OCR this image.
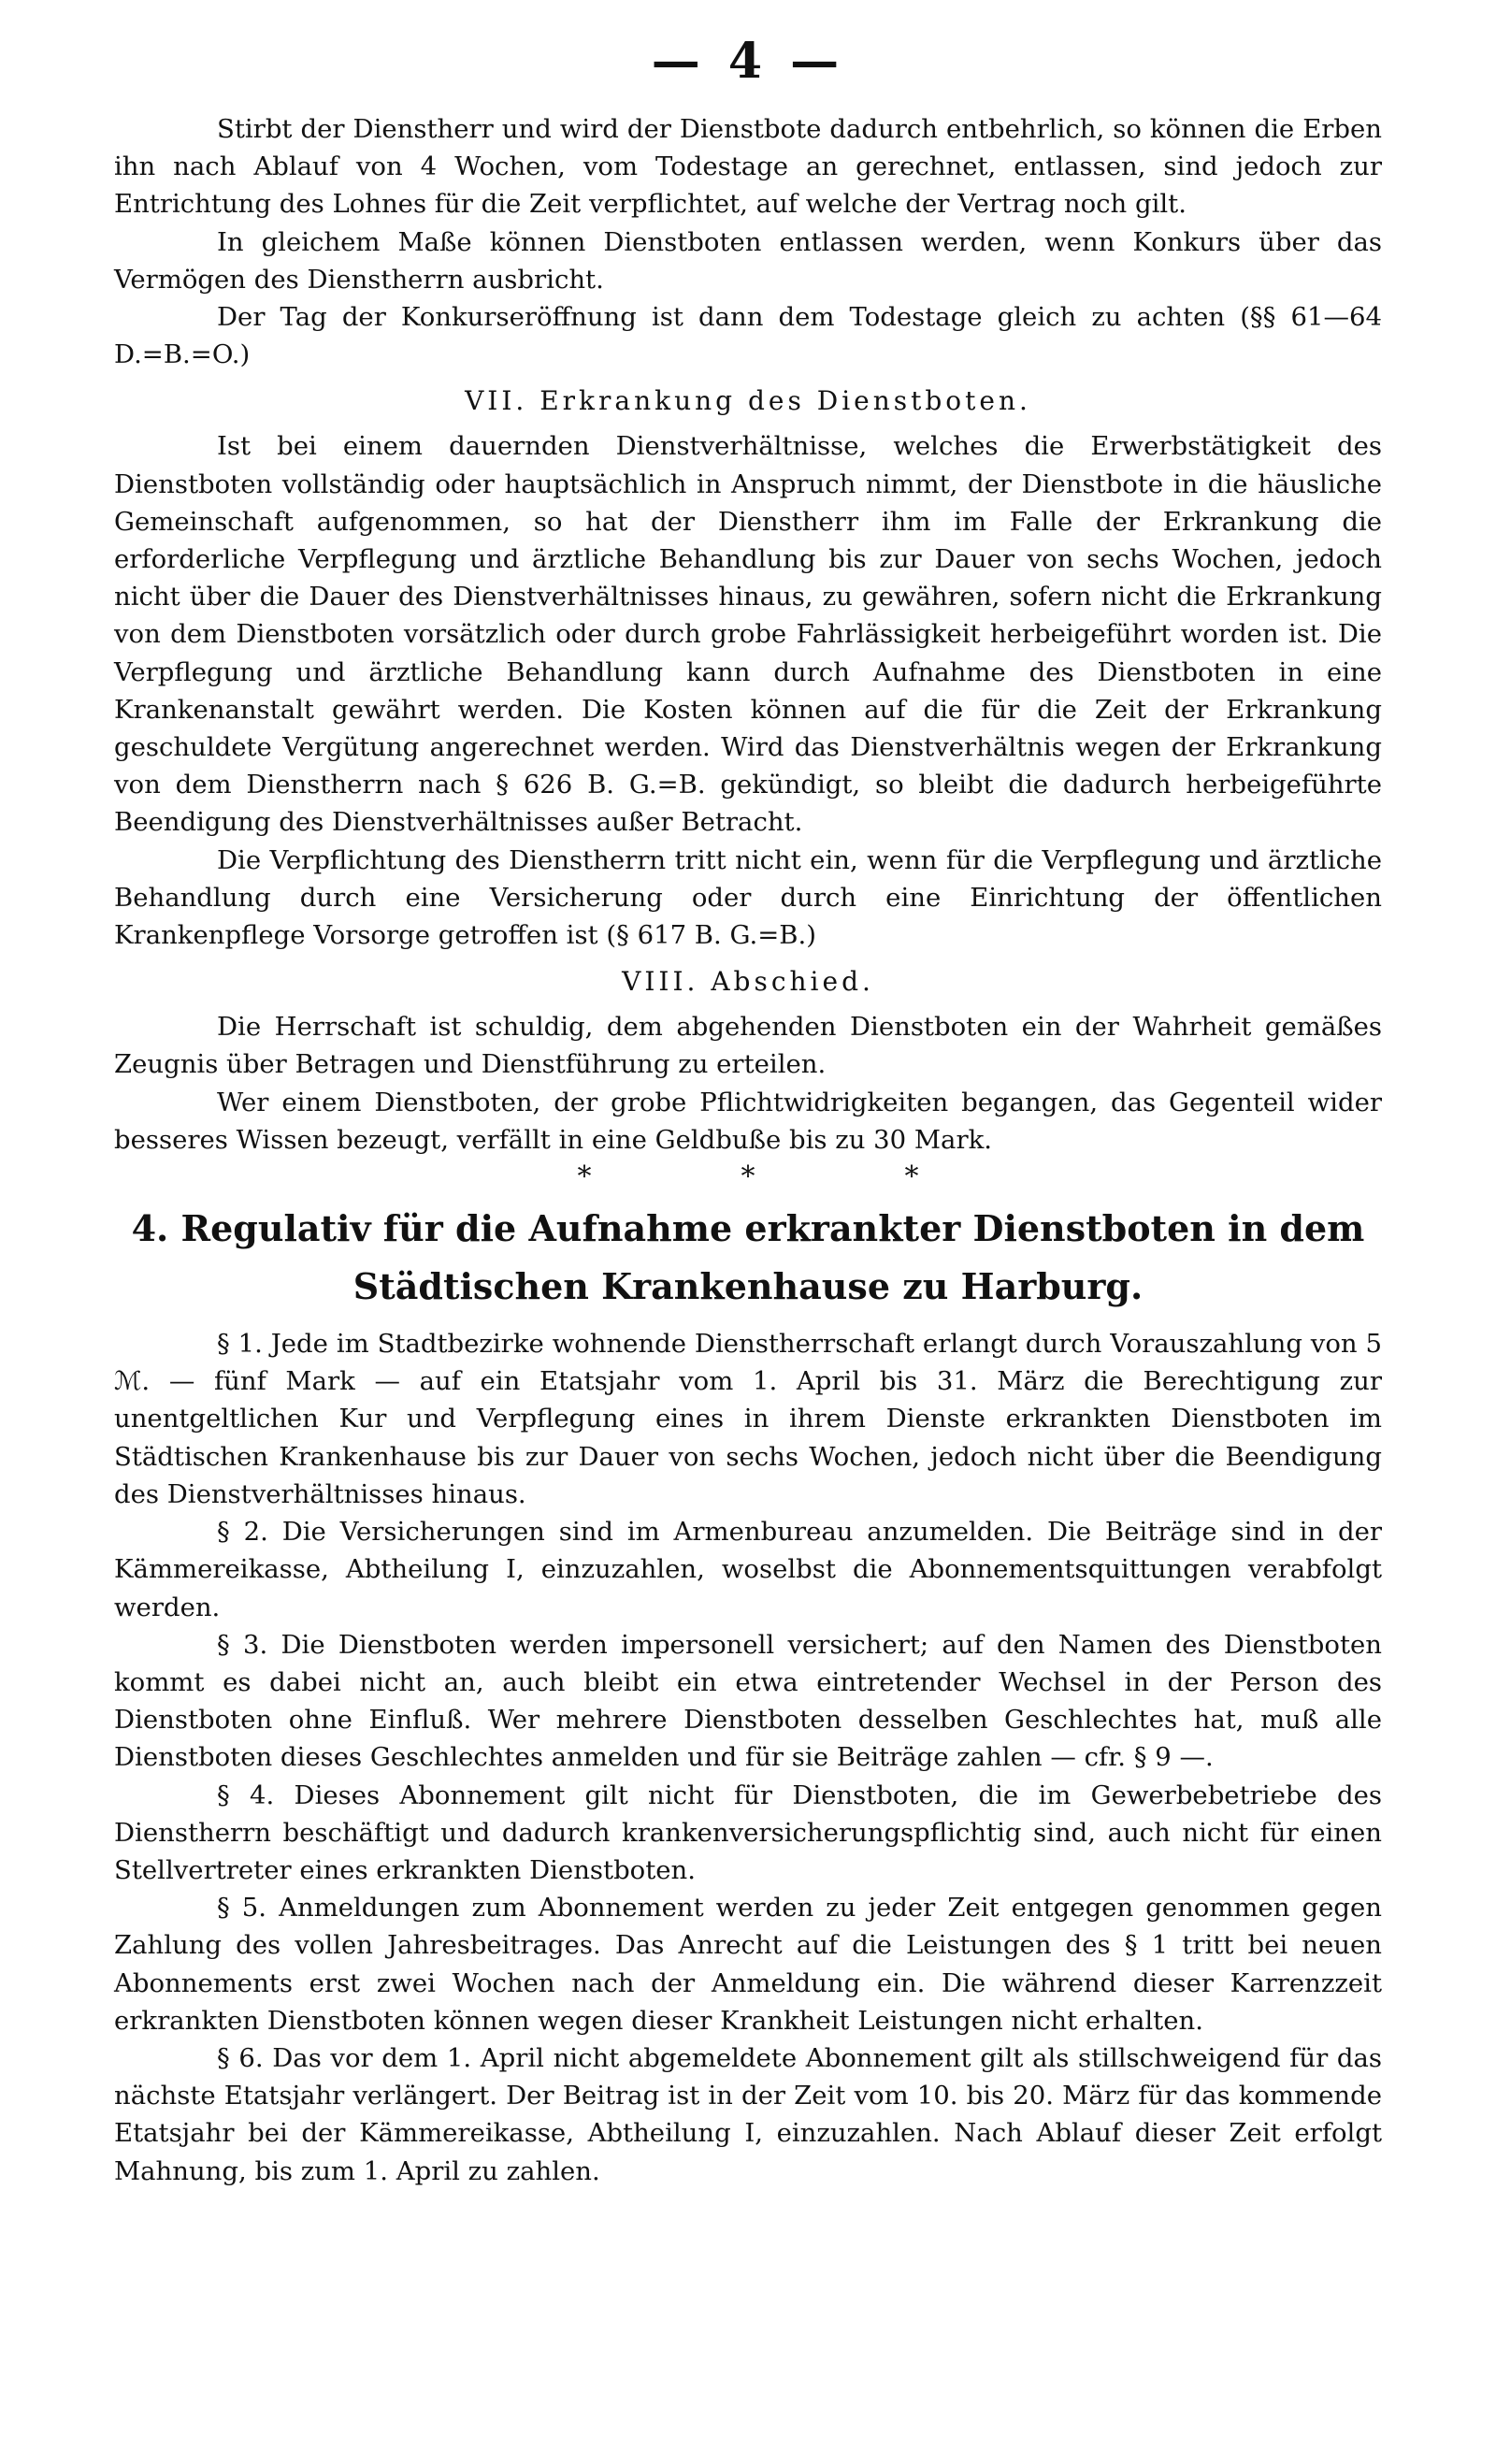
— 4 —

Stirbt der Dienstherr und wird der Dienstbote dadurch entbehrlich, so können die Erben ihn nach Ablauf von 4 Wochen, vom Todestage an gerechnet, entlassen, sind jedoch zur Entrichtung des Lohnes für die Zeit verpflichtet, auf welche der Vertrag noch gilt.

In gleichem Maße können Dienstboten entlassen werden, wenn Konkurs über das Vermögen des Dienstherrn ausbricht.

Der Tag der Konkurseröffnung ist dann dem Todestage gleich zu achten (§§ 61—64 D.=B.=O.)

VII. Erkrankung des Dienstboten.

Ist bei einem dauernden Dienstverhältnisse, welches die Erwerbstätigkeit des Dienstboten vollständig oder hauptsächlich in Anspruch nimmt, der Dienstbote in die häusliche Gemeinschaft aufgenommen, so hat der Dienstherr ihm im Falle der Erkrankung die erforderliche Verpflegung und ärztliche Behandlung bis zur Dauer von sechs Wochen, jedoch nicht über die Dauer des Dienstverhältnisses hinaus, zu gewähren, sofern nicht die Erkrankung von dem Dienstboten vorsätzlich oder durch grobe Fahrlässigkeit herbeigeführt worden ist. Die Verpflegung und ärztliche Behandlung kann durch Aufnahme des Dienstboten in eine Krankenanstalt gewährt werden. Die Kosten können auf die für die Zeit der Erkrankung geschuldete Vergütung angerechnet werden. Wird das Dienstverhältnis wegen der Erkrankung von dem Dienstherrn nach § 626 B. G.=B. gekündigt, so bleibt die dadurch herbeigeführte Beendigung des Dienstverhältnisses außer Betracht.

Die Verpflichtung des Dienstherrn tritt nicht ein, wenn für die Verpflegung und ärztliche Behandlung durch eine Versicherung oder durch eine Einrichtung der öffentlichen Krankenpflege Vorsorge getroffen ist (§ 617 B. G.=B.)

VIII. Abschied.

Die Herrschaft ist schuldig, dem abgehenden Dienstboten ein der Wahrheit gemäßes Zeugnis über Betragen und Dienstführung zu erteilen.

Wer einem Dienstboten, der grobe Pflichtwidrigkeiten begangen, das Gegenteil wider besseres Wissen bezeugt, verfällt in eine Geldbuße bis zu 30 Mark.

*	*	*
4. Regulativ für die Aufnahme erkrankter Dienstboten in dem
Städtischen Krankenhause zu Harburg.

§ 1. Jede im Stadtbezirke wohnende Dienstherrschaft erlangt durch Vorauszahlung von 5 ℳ. — fünf Mark — auf ein Etatsjahr vom 1. April bis 31. März die Berechtigung zur unentgeltlichen Kur und Verpflegung eines in ihrem Dienste erkrankten Dienstboten im Städtischen Krankenhause bis zur Dauer von sechs Wochen, jedoch nicht über die Beendigung des Dienstverhältnisses hinaus.

§ 2. Die Versicherungen sind im Armenbureau anzumelden. Die Beiträge sind in der Kämmereikasse, Abtheilung I, einzuzahlen, woselbst die Abonnementsquittungen verabfolgt werden.

§ 3. Die Dienstboten werden impersonell versichert; auf den Namen des Dienstboten kommt es dabei nicht an, auch bleibt ein etwa eintretender Wechsel in der Person des Dienstboten ohne Einfluß. Wer mehrere Dienstboten desselben Geschlechtes hat, muß alle Dienstboten dieses Geschlechtes anmelden und für sie Beiträge zahlen — cfr. § 9 —.

§ 4. Dieses Abonnement gilt nicht für Dienstboten, die im Gewerbebetriebe des Dienstherrn beschäftigt und dadurch krankenversicherungspflichtig sind, auch nicht für einen Stellvertreter eines erkrankten Dienstboten.

§ 5. Anmeldungen zum Abonnement werden zu jeder Zeit entgegen genommen gegen Zahlung des vollen Jahresbeitrages. Das Anrecht auf die Leistungen des § 1 tritt bei neuen Abonnements erst zwei Wochen nach der Anmeldung ein. Die während dieser Karrenzzeit erkrankten Dienstboten können wegen dieser Krankheit Leistungen nicht erhalten.

§ 6. Das vor dem 1. April nicht abgemeldete Abonnement gilt als stillschweigend für das nächste Etatsjahr verlängert. Der Beitrag ist in der Zeit vom 10. bis 20. März für das kommende Etatsjahr bei der Kämmereikasse, Abtheilung I, einzuzahlen. Nach Ablauf dieser Zeit erfolgt Mahnung, bis zum 1. April zu zahlen.
